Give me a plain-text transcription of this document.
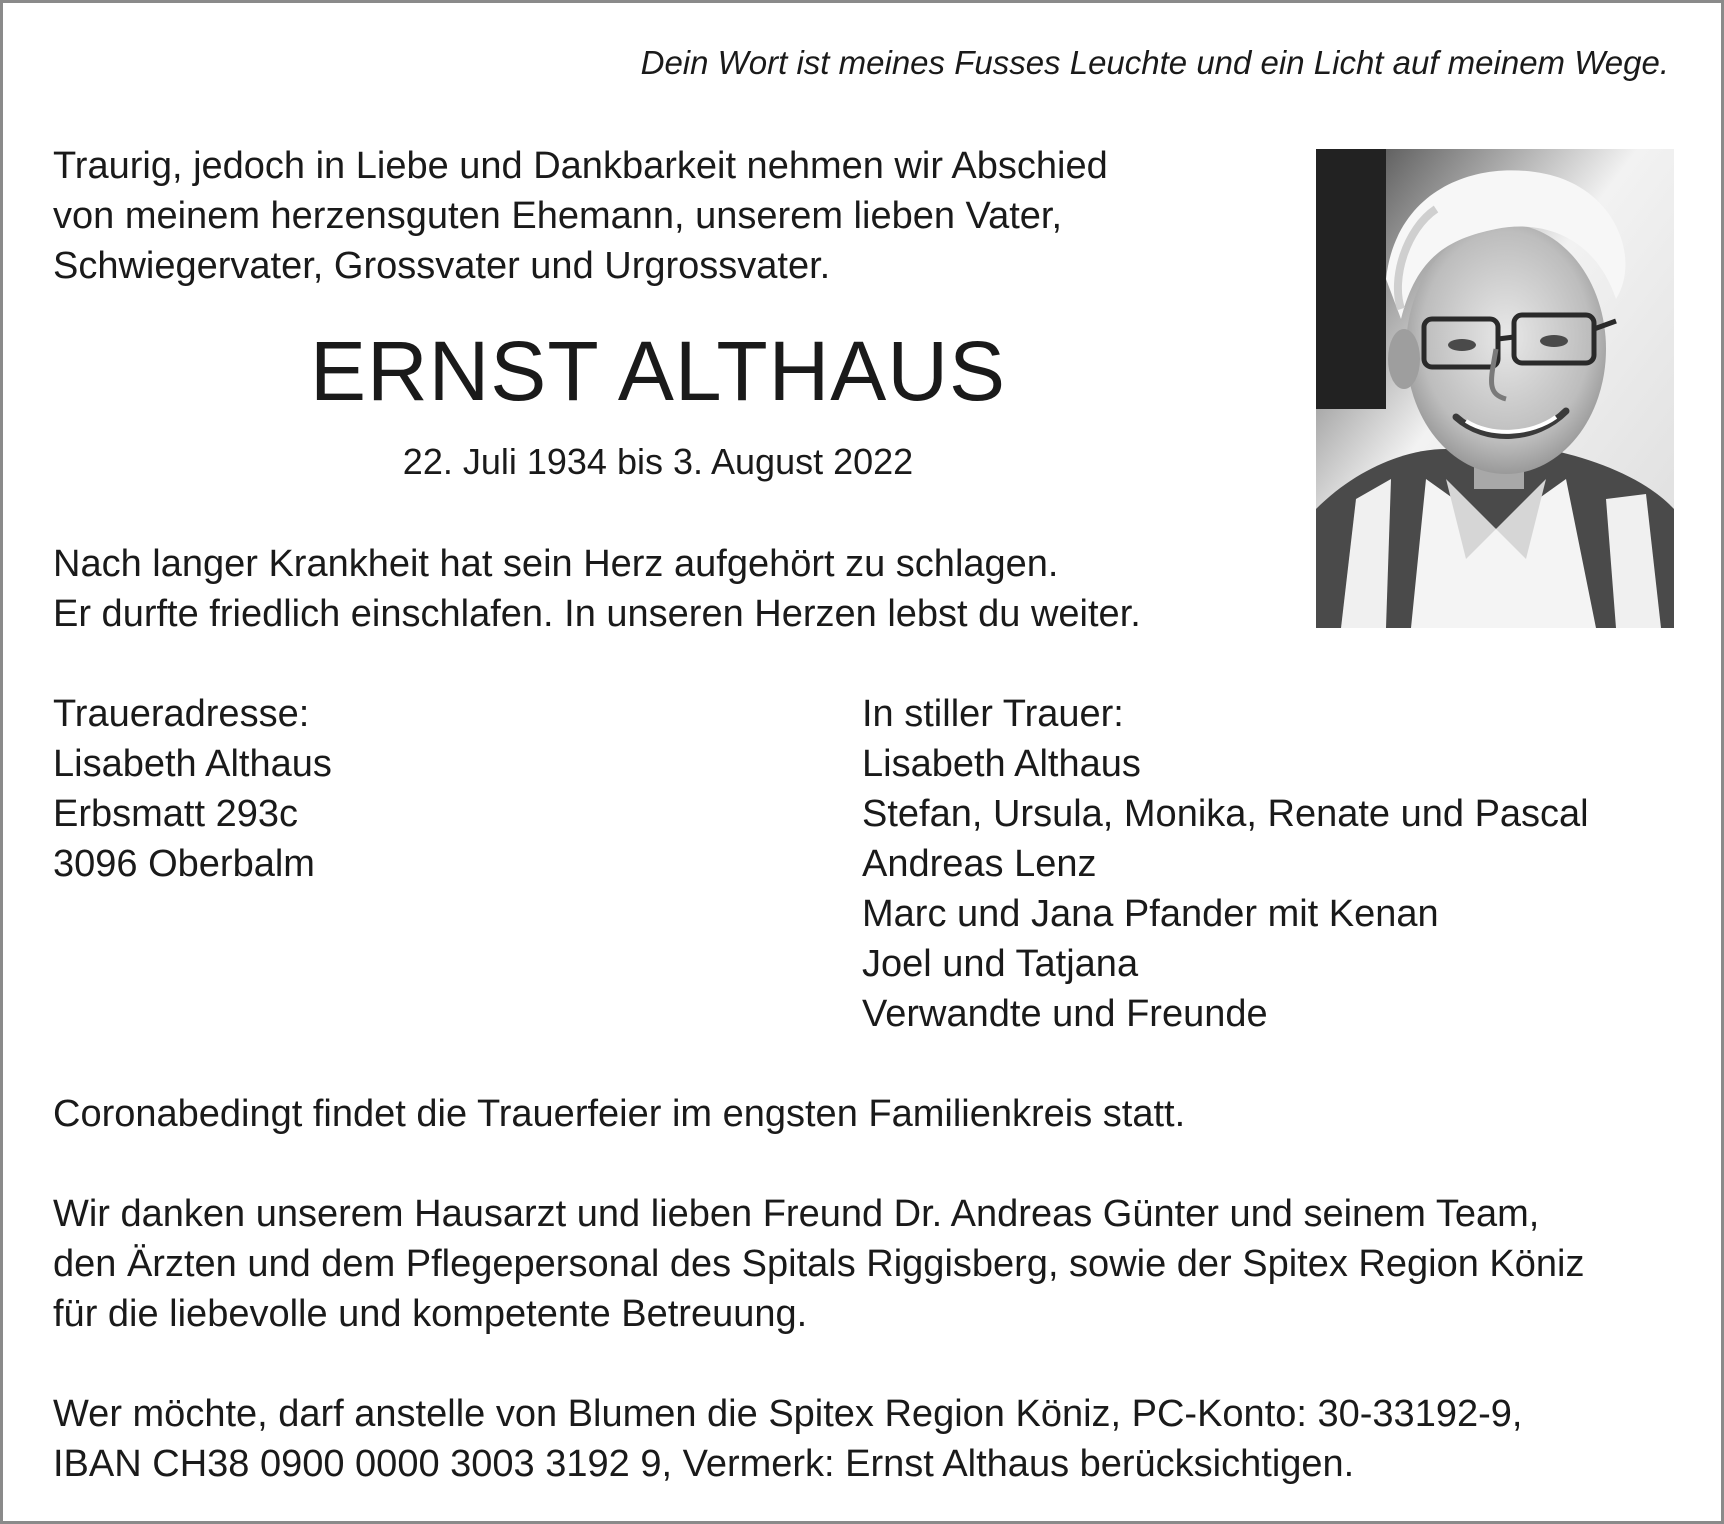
Dein Wort ist meines Fusses Leuchte und ein Licht auf meinem Wege.
Traurig, jedoch in Liebe und Dankbarkeit nehmen wir Abschied
von meinem herzensguten Ehemann, unserem lieben Vater,
Schwiegervater, Grossvater und Urgrossvater.
ERNST ALTHAUS
22. Juli 1934 bis 3. August 2022
Nach langer Krankheit hat sein Herz aufgehört zu schlagen.
Er durfte friedlich einschlafen. In unseren Herzen lebst du weiter.
Traueradresse:
Lisabeth Althaus
Erbsmatt 293c
3096 Oberbalm
In stiller Trauer:
Lisabeth Althaus
Stefan, Ursula, Monika, Renate und Pascal
Andreas Lenz
Marc und Jana Pfander mit Kenan
Joel und Tatjana
Verwandte und Freunde
Coronabedingt findet die Trauerfeier im engsten Familienkreis statt.
Wir danken unserem Hausarzt und lieben Freund Dr. Andreas Günter und seinem Team,
den Ärzten und dem Pflegepersonal des Spitals Riggisberg, sowie der Spitex Region Köniz
für die liebevolle und kompetente Betreuung.
Wer möchte, darf anstelle von Blumen die Spitex Region Köniz, PC-Konto: 30-33192-9,
IBAN CH38 0900 0000 3003 3192 9, Vermerk: Ernst Althaus berücksichtigen.
